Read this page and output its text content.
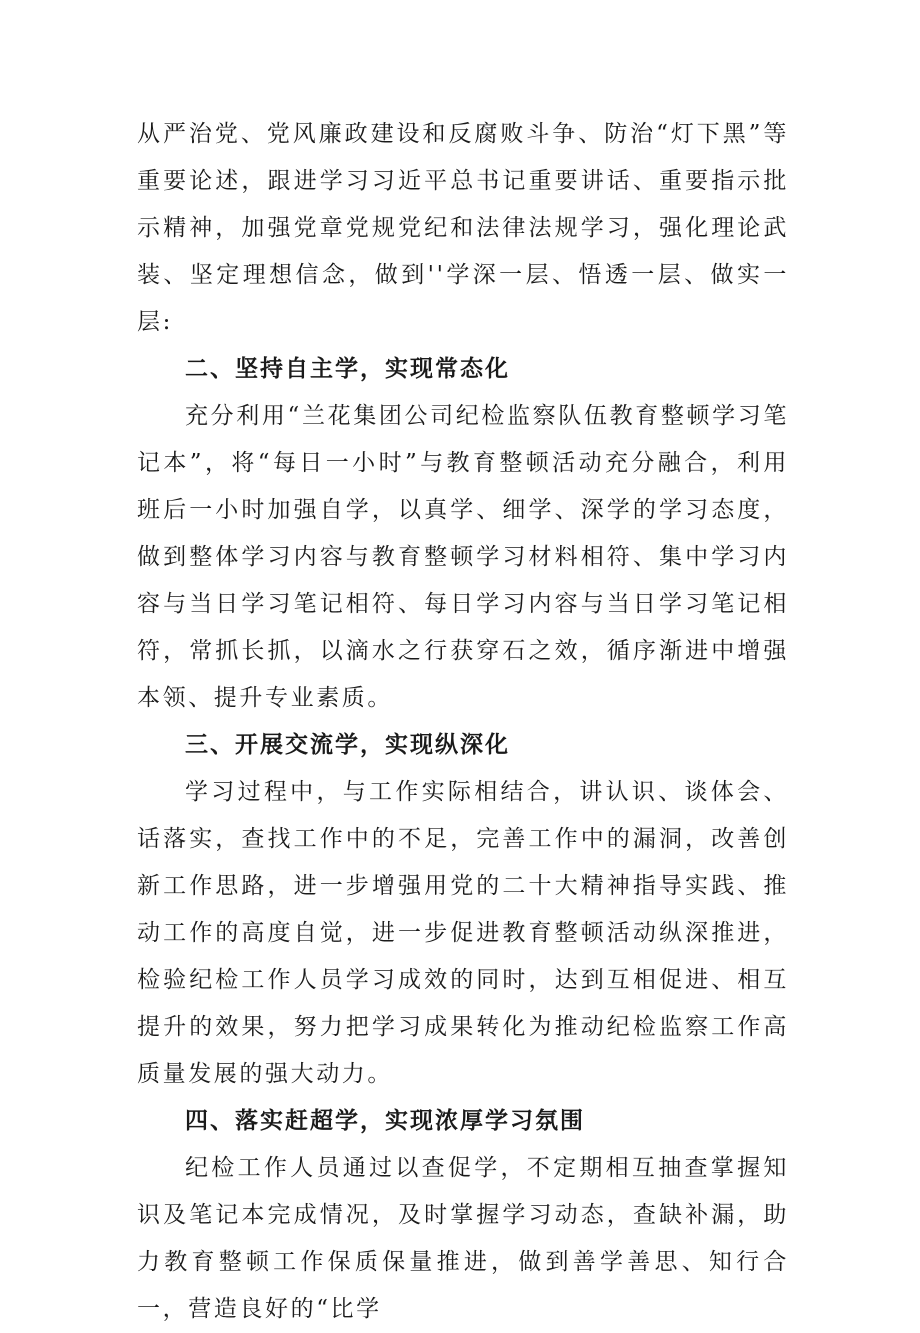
从严治党、党风廉政建设和反腐败斗争、防治“灯下黑”等重要论述，跟进学习习近平总书记重要讲话、重要指示批示精神，加强党章党规党纪和法律法规学习，强化理论武装、坚定理想信念，做到''学深一层、悟透一层、做实一层:

二、坚持自主学，实现常态化

充分利用“兰花集团公司纪检监察队伍教育整顿学习笔记本”，将“每日一小时”与教育整顿活动充分融合，利用班后一小时加强自学，以真学、细学、深学的学习态度，做到整体学习内容与教育整顿学习材料相符、集中学习内容与当日学习笔记相符、每日学习内容与当日学习笔记相符，常抓长抓，以滴水之行获穿石之效，循序渐进中增强本领、提升专业素质。

三、开展交流学，实现纵深化

学习过程中，与工作实际相结合，讲认识、谈体会、话落实，查找工作中的不足，完善工作中的漏洞，改善创新工作思路，进一步增强用党的二十大精神指导实践、推动工作的高度自觉，进一步促进教育整顿活动纵深推进，检验纪检工作人员学习成效的同时，达到互相促进、相互提升的效果，努力把学习成果转化为推动纪检监察工作高质量发展的强大动力。

四、落实赶超学，实现浓厚学习氛围

纪检工作人员通过以查促学，不定期相互抽查掌握知识及笔记本完成情况，及时掌握学习动态，查缺补漏，助力教育整顿工作保质保量推进，做到善学善思、知行合一，营造良好的“比学
